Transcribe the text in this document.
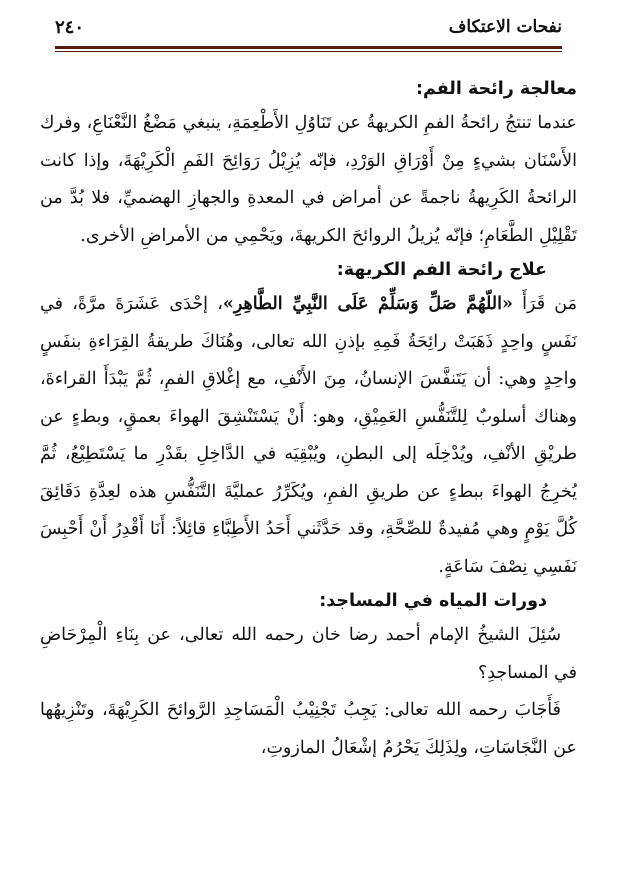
نفحات الاعتكاف
٢٤٠

معالجة رائحة الفم:

عندما تنتجُ رائحةُ الفمِ الكريهةُ عن تَنَاوُلِ الأَطْعِمَةِ، ينبغي مَضْغُ النَّعْنَاعِ، وفرك الأَسْنَان بشيءٍ مِنْ أَوْرَاقِ الوَرْدِ، فإنّه يُزِيْلُ رَوَائِحَ الفَمِ الْكَرِيْهَةَ، وإذا كانت الرائحةُ الكَرِيهةُ ناجمةً عن أمراض في المعدةِ والجهازِ الهضميِّ، فلا بُدَّ من تَقْلِيْلِ الطَّعَامِ؛ فإنّه يُزيلُ الروائحَ الكريهةَ، ويَحْمِي من الأمراضِ الأخرى.

علاج رائحة الفم الكريهة:

مَن قَرَأَ «اللّهُمَّ صَلِّ وَسَلِّمْ عَلَى النَّبِيِّ الطَّاهِرِ»، إحْدَى عَشَرَةَ مرَّةً، في نَفَسٍ واحِدٍ ذَهَبَتْ رائِحَةُ فَمِهِ بإذنِ الله تعالى، وهُنَاكَ طريقةُ القِرَاءةِ بنفَسٍ واحِدٍ وهي: أن يَتَنفَّسَ الإنسانُ، مِنَ الأَنْفِ، مع إغْلاقِ الفمِ، ثُمَّ يَبْدَأَ القراءةَ، وهناك أسلوبٌ لِلتَّنَفُّسِ العَمِيْقِ، وهو: أَنْ يَسْتَنْشِقَ الهواءَ بعمقٍ، وبطءٍ عن طريْقِ الأنْفِ، ويُدْخِلَه إلى البطنِ، ويُبْقِيَه في الدَّاخِلِ بقَدْرِ ما يَسْتَطِيْعُ، ثُمَّ يُخرِجُ الهواءَ ببطءٍ عن طريقِ الفمِ، ويُكَرِّرُ عمليَّةَ التَّنَفُّسِ هذه لعِدَّةِ دَقَائِقَ كُلَّ يَوْمٍ وهي مُفيدةٌ للصِّحَّةِ، وقد حَدَّثَني أَحَدُ الأَطِبَّاءِ قائِلاً: أَنَا أَقْدِرُ أَنْ أَحْبِسَ نَفَسِي نِصْفَ سَاعَةٍ.

دورات المياه في المساجد:

سُئِلَ الشيخُ الإمام أحمد رضا خان رحمه الله تعالى، عن بِنَاءِ الْمِرْحَاضِ في المساجدِ؟

فَأَجَابَ رحمه الله تعالى: يَجِبُ تَجْنِيْبُ الْمَسَاجِدِ الرَّوائحَ الكَرِيْهَةَ، وتَنْزِيهُها عن النَّجَاسَاتِ، ولِذَلِكَ يَحْرُمُ إشْعَالُ المازوتِ،
